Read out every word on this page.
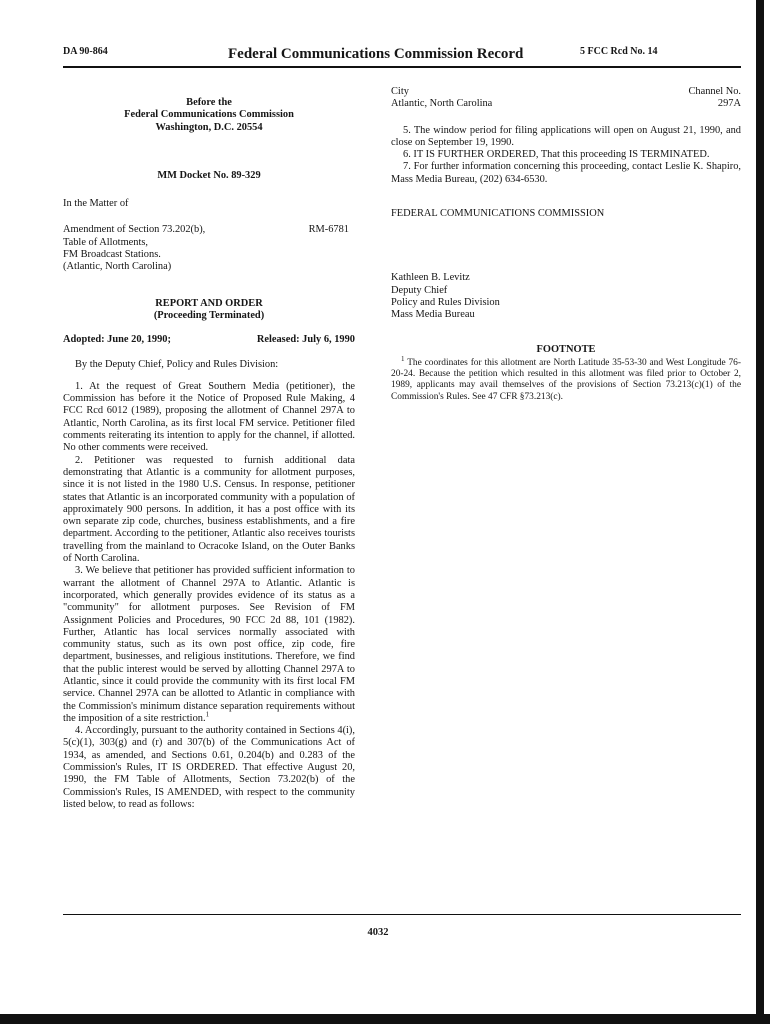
DA 90-864	Federal Communications Commission Record	5 FCC Rcd No. 14
Before the
Federal Communications Commission
Washington, D.C. 20554
MM Docket No. 89-329
In the Matter of
Amendment of Section 73.202(b),
Table of Allotments,
FM Broadcast Stations.
(Atlantic, North Carolina)
RM-6781
REPORT AND ORDER
(Proceeding Terminated)
Adopted: June 20, 1990;	Released: July 6, 1990
By the Deputy Chief, Policy and Rules Division:

1. At the request of Great Southern Media (petitioner), the Commission has before it the Notice of Proposed Rule Making, 4 FCC Rcd 6012 (1989), proposing the allotment of Channel 297A to Atlantic, North Carolina, as its first local FM service. Petitioner filed comments reiterating its intention to apply for the channel, if allotted. No other comments were received.

2. Petitioner was requested to furnish additional data demonstrating that Atlantic is a community for allotment purposes, since it is not listed in the 1980 U.S. Census. In response, petitioner states that Atlantic is an incorporated community with a population of approximately 900 persons. In addition, it has a post office with its own separate zip code, churches, business establishments, and a fire department. According to the petitioner, Atlantic also receives tourists travelling from the mainland to Ocracoke Island, on the Outer Banks of North Carolina.

3. We believe that petitioner has provided sufficient information to warrant the allotment of Channel 297A to Atlantic. Atlantic is incorporated, which generally provides evidence of its status as a "community" for allotment purposes. See Revision of FM Assignment Policies and Procedures, 90 FCC 2d 88, 101 (1982). Further, Atlantic has local services normally associated with community status, such as its own post office, zip code, fire department, businesses, and religious institutions. Therefore, we find that the public interest would be served by allotting Channel 297A to Atlantic, since it could provide the community with its first local FM service. Channel 297A can be allotted to Atlantic in compliance with the Commission's minimum distance separation requirements without the imposition of a site restriction.$^1$

4. Accordingly, pursuant to the authority contained in Sections 4(i), 5(c)(1), 303(g) and (r) and 307(b) of the Communications Act of 1934, as amended, and Sections 0.61, 0.204(b) and 0.283 of the Commission's Rules, IT IS ORDERED. That effective August 20, 1990, the FM Table of Allotments, Section 73.202(b) of the Commission's Rules, IS AMENDED, with respect to the community listed below, to read as follows:

City	Channel No.
Atlantic, North Carolina	297A

5. The window period for filing applications will open on August 21, 1990, and close on September 19, 1990.

6. IT IS FURTHER ORDERED, That this proceeding IS TERMINATED.

7. For further information concerning this proceeding, contact Leslie K. Shapiro, Mass Media Bureau, (202) 634-6530.

FEDERAL COMMUNICATIONS COMMISSION
Kathleen B. Levitz
Deputy Chief
Policy and Rules Division
Mass Media Bureau
FOOTNOTE

$^1$ The coordinates for this allotment are North Latitude 35-53-30 and West Longitude 76-20-24. Because the petition which resulted in this allotment was filed prior to October 2, 1989, applicants may avail themselves of the provisions of Section 73.213(c)(1) of the Commission's Rules. See 47 CFR §73.213(c).

4032
